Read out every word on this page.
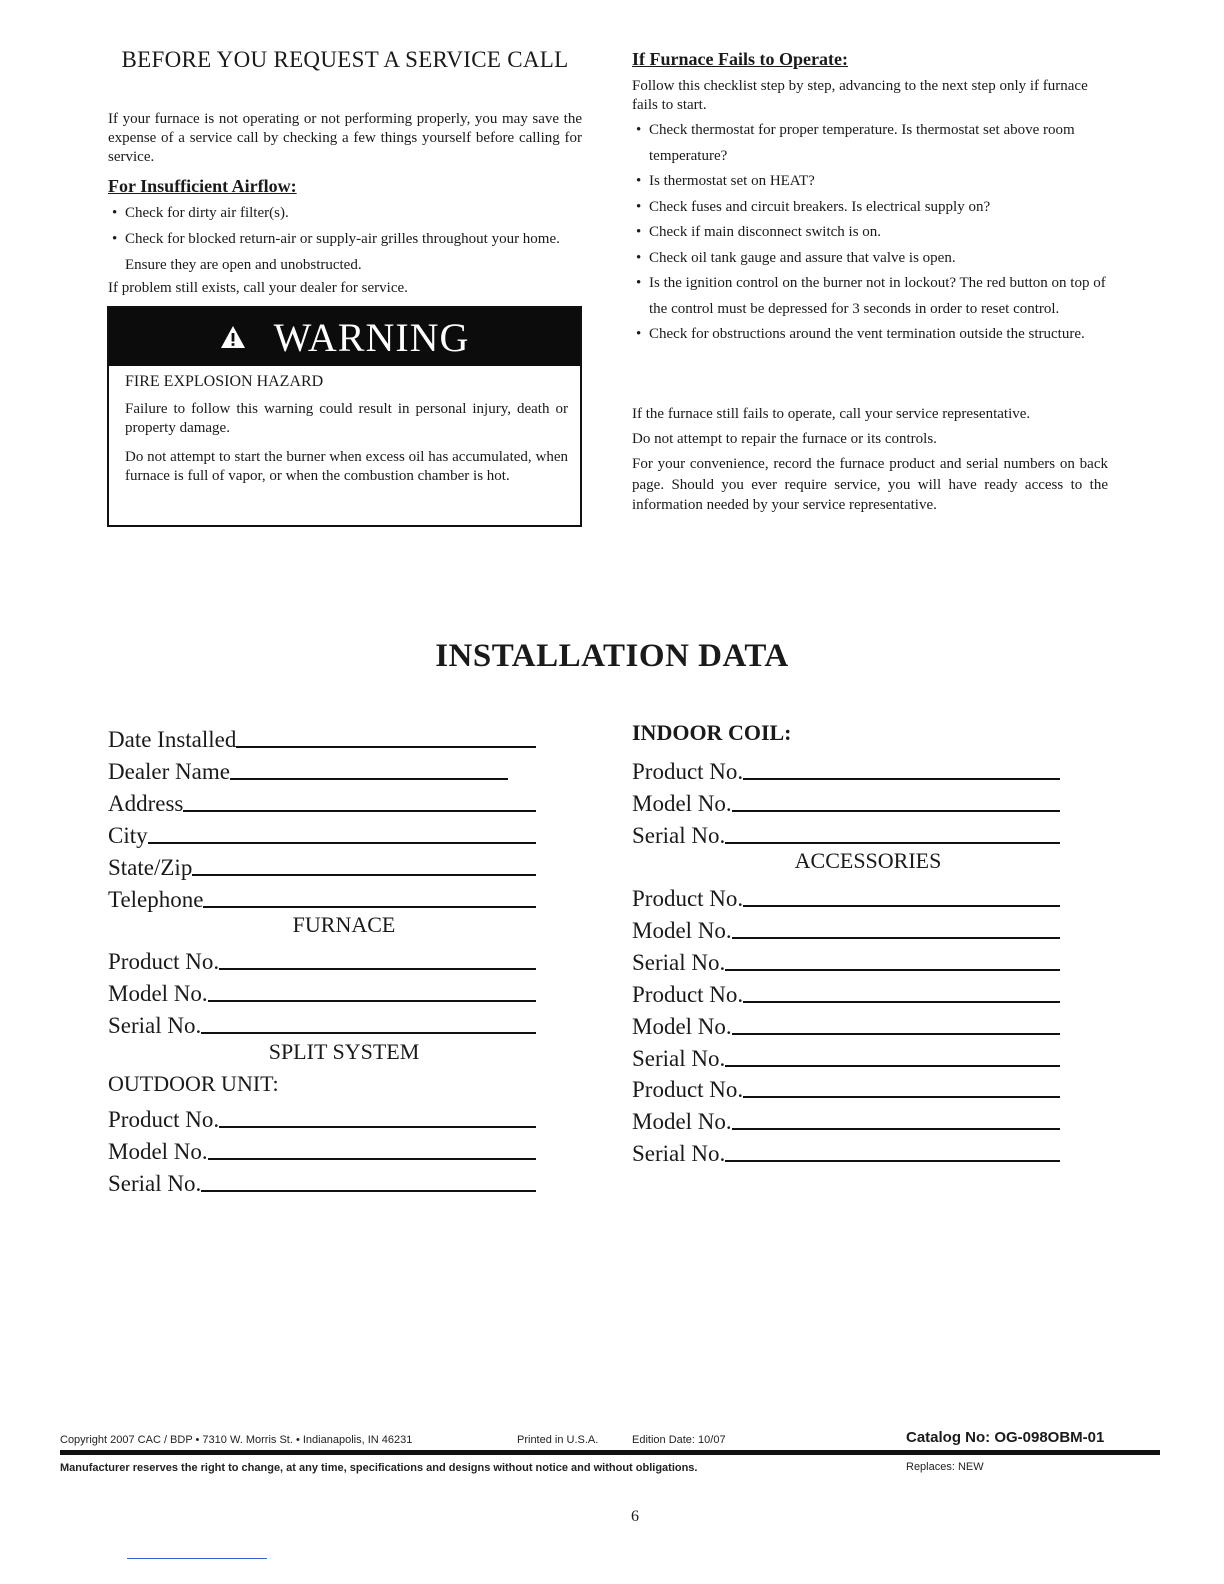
BEFORE YOU REQUEST A SERVICE CALL

If your furnace is not operating or not performing properly, you may save the expense of a service call by checking a few things yourself before calling for service.

For Insufficient Airflow:
• Check for dirty air filter(s).
• Check for blocked return-air or supply-air grilles throughout your home. Ensure they are open and unobstructed.

If problem still exists, call your dealer for service.

WARNING
FIRE EXPLOSION HAZARD

Failure to follow this warning could result in personal injury, death or property damage.

Do not attempt to start the burner when excess oil has accumulated, when furnace is full of vapor, or when the combustion chamber is hot.

If Furnace Fails to Operate:

Follow this checklist step by step, advancing to the next step only if furnace fails to start.

• Check thermostat for proper temperature. Is thermostat set above room temperature?
• Is thermostat set on HEAT?
• Check fuses and circuit breakers. Is electrical supply on?
• Check if main disconnect switch is on.
• Check oil tank gauge and assure that valve is open.
• Is the ignition control on the burner not in lockout? The red button on top of the control must be depressed for 3 seconds in order to reset control.
• Check for obstructions around the vent termination outside the structure.

If the furnace still fails to operate, call your service representative.

Do not attempt to repair the furnace or its controls.

For your convenience, record the furnace product and serial numbers on back page. Should you ever require service, you will have ready access to the information needed by your service representative.

INSTALLATION DATA
Date Installed
Dealer Name
Address
City
State/Zip
Telephone
FURNACE
Product No.
Model No.
Serial No.
SPLIT SYSTEM
OUTDOOR UNIT:
Product No.
Model No.
Serial No.
INDOOR COIL:
Product No.
Model No.
Serial No.
ACCESSORIES
Product No.
Model No.
Serial No.
Product No.
Model No.
Serial No.
Product No.
Model No.
Serial No.
Copyright 2007 CAC / BDP • 7310 W. Morris St. • Indianapolis, IN 46231	Printed in U.S.A.	Edition Date: 10/07	Catalog No: OG-098OBM-01
Manufacturer reserves the right to change, at any time, specifications and designs without notice and without obligations.	Replaces: NEW
6
